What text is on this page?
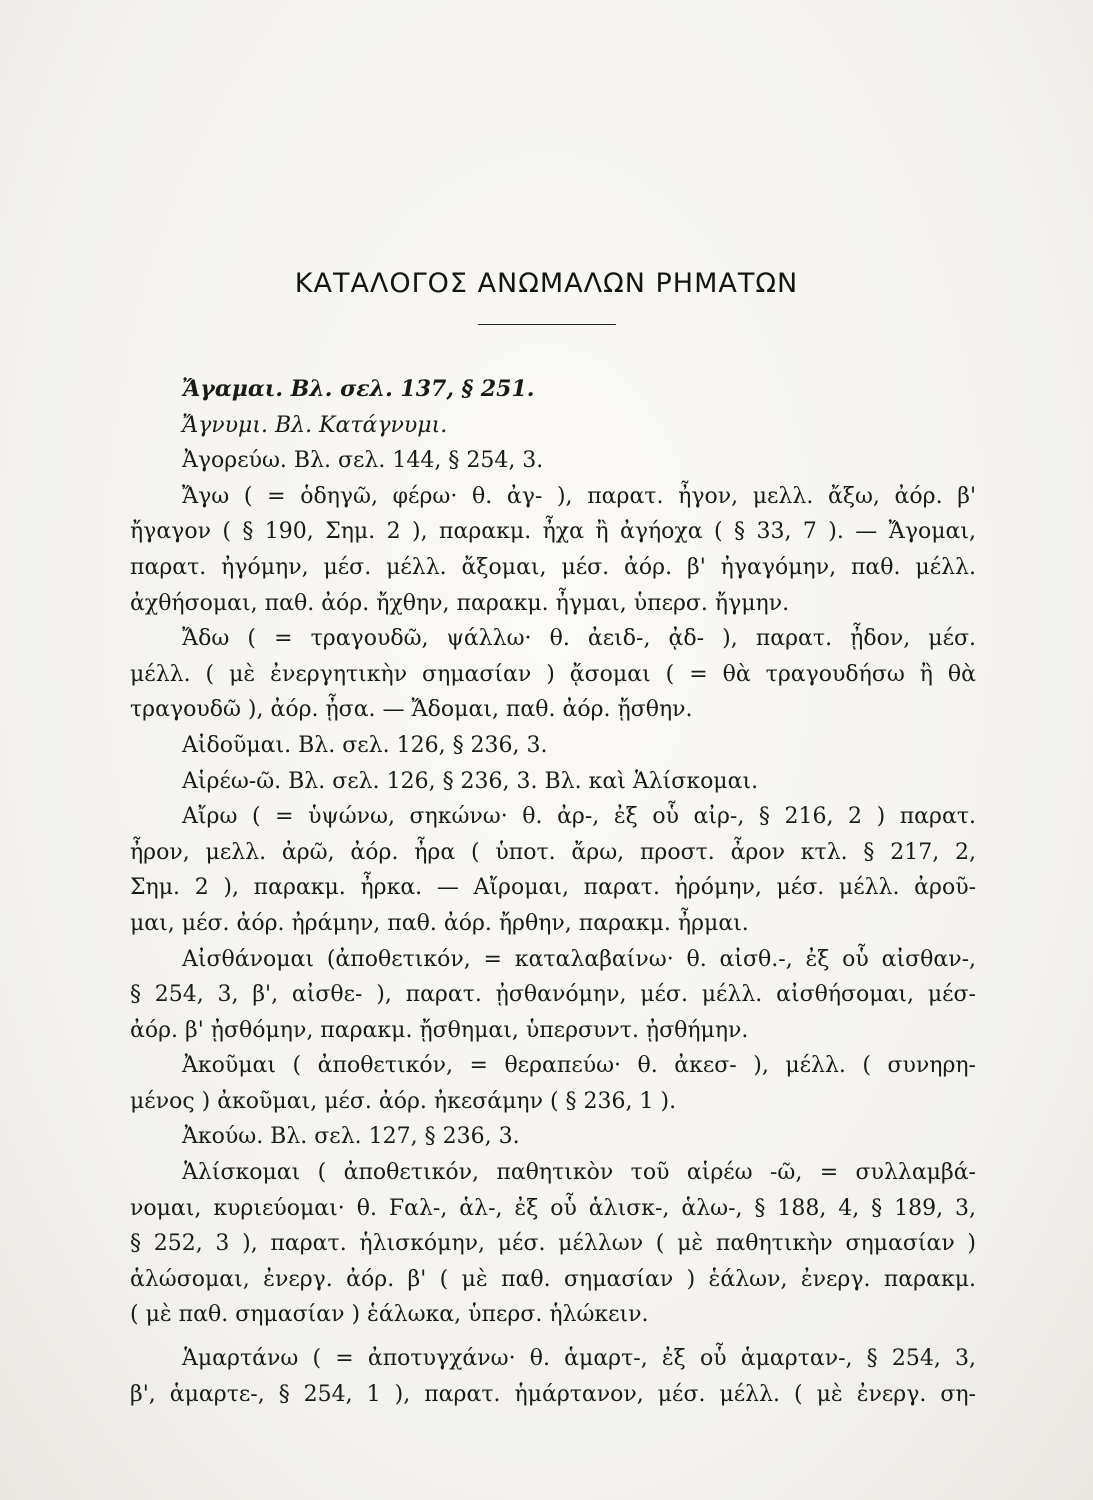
ΚΑΤΑΛΟΓΟΣ ΑΝΩΜΑΛΩΝ ΡΗΜΑΤΩΝ
Ἄγαμαι. Βλ. σελ. 137, § 251.
Ἄγνυμι. Βλ. Κατάγνυμι.
Ἀγορεύω. Βλ. σελ. 144, § 254, 3.
Ἄγω ( = ὁδηγῶ, φέρω· θ. ἀγ- ), παρατ. ἦγον, μελλ. ἄξω, ἀόρ. β'
ἤγαγον ( § 190, Σημ. 2 ), παρακμ. ἦχα ἢ ἀγήοχα ( § 33, 7 ). — Ἄγομαι,
παρατ. ἠγόμην, μέσ. μέλλ. ἄξομαι, μέσ. ἀόρ. β' ἠγαγόμην, παθ. μέλλ.
ἀχθήσομαι, παθ. ἀόρ. ἤχθην, παρακμ. ἦγμαι, ὑπερσ. ἤγμην.
Ἄδω ( = τραγουδῶ, ψάλλω· θ. ἀειδ-, ᾀδ- ), παρατ. ᾖδον, μέσ.
μέλλ. ( μὲ ἐνεργητικὴν σημασίαν ) ᾄσομαι ( = θὰ τραγουδήσω ἢ θὰ
τραγουδῶ ), ἀόρ. ᾖσα. — Ἄδομαι, παθ. ἀόρ. ᾔσθην.
Αἰδοῦμαι. Βλ. σελ. 126, § 236, 3.
Αἱρέω-ῶ. Βλ. σελ. 126, § 236, 3. Βλ. καὶ Ἁλίσκομαι.
Αἴρω ( = ὑψώνω, σηκώνω· θ. ἀρ-, ἐξ οὗ αἰρ-, § 216, 2 ) παρατ.
ἦρον, μελλ. ἀρῶ, ἀόρ. ἦρα ( ὑποτ. ἄρω, προστ. ἆρον κτλ. § 217, 2,
Σημ. 2 ), παρακμ. ἦρκα. — Αἴρομαι, παρατ. ἠρόμην, μέσ. μέλλ. ἀροῦ-
μαι, μέσ. ἀόρ. ἠράμην, παθ. ἀόρ. ἤρθην, παρακμ. ἦρμαι.
Αἰσθάνομαι (ἀποθετικόν, = καταλαβαίνω· θ. αἰσθ.-, ἐξ οὗ αἰσθαν-,
§ 254, 3, β', αἰσθε- ), παρατ. ᾐσθανόμην, μέσ. μέλλ. αἰσθήσομαι, μέσ-
ἀόρ. β' ᾐσθόμην, παρακμ. ᾔσθημαι, ὑπερσυντ. ᾐσθήμην.
Ἀκοῦμαι ( ἀποθετικόν, = θεραπεύω· θ. ἀκεσ- ), μέλλ. ( συνηρη-
μένος ) ἀκοῦμαι, μέσ. ἀόρ. ἠκεσάμην ( § 236, 1 ).
Ἀκούω. Βλ. σελ. 127, § 236, 3.
Ἁλίσκομαι ( ἀποθετικόν, παθητικὸν τοῦ αἱρέω -ῶ, = συλλαμβά-
νομαι, κυριεύομαι· θ. Ϝαλ-, ἁλ-, ἐξ οὗ ἁλισκ-, ἁλω-, § 188, 4, § 189, 3,
§ 252, 3 ), παρατ. ἡλισκόμην, μέσ. μέλλων ( μὲ παθητικὴν σημασίαν )
ἁλώσομαι, ἐνεργ. ἀόρ. β' ( μὲ παθ. σημασίαν ) ἑάλων, ἐνεργ. παρακμ.
( μὲ παθ. σημασίαν ) ἑάλωκα, ὑπερσ. ἡλώκειν.
Ἁμαρτάνω ( = ἀποτυγχάνω· θ. ἁμαρτ-, ἐξ οὗ ἁμαρταν-, § 254, 3,
β', ἁμαρτε-, § 254, 1 ), παρατ. ἡμάρτανον, μέσ. μέλλ. ( μὲ ἐνεργ. ση-
